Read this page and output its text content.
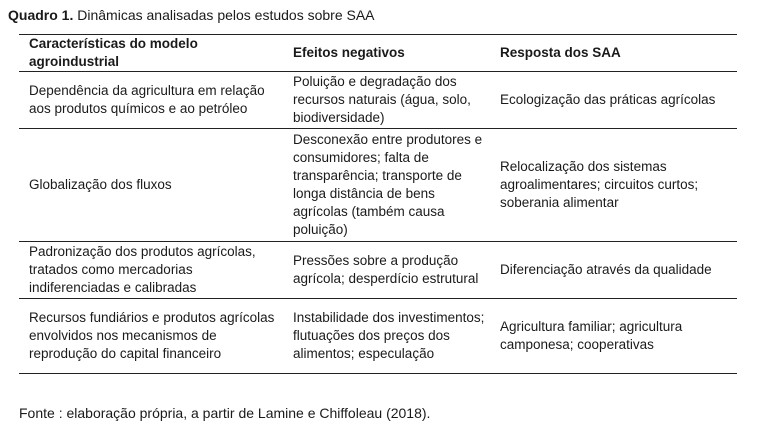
Quadro 1. Dinâmicas analisadas pelos estudos sobre SAA
Características do modelo agroindustrial	Efeitos negativos	Resposta dos SAA

Dependência da agricultura em relação aos produtos químicos e ao petróleo	Poluição e degradação dos recursos naturais (água, solo, biodiversidade)	Ecologização das práticas agrícolas

Globalização dos fluxos	Desconexão entre produtores e consumidores; falta de transparência; transporte de longa distância de bens agrícolas (também causa poluição)	Relocalização dos sistemas agroalimentares; circuitos curtos; soberania alimentar

Padronização dos produtos agrícolas, tratados como mercadorias indiferenciadas e calibradas	Pressões sobre a produção agrícola; desperdício estrutural	Diferenciação através da qualidade

Recursos fundiários e produtos agrícolas envolvidos nos mecanismos de reprodução do capital financeiro	Instabilidade dos investimentos; flutuações dos preços dos alimentos; especulação	Agricultura familiar; agricultura camponesa; cooperativas
Fonte : elaboração própria, a partir de Lamine e Chiffoleau (2018).
